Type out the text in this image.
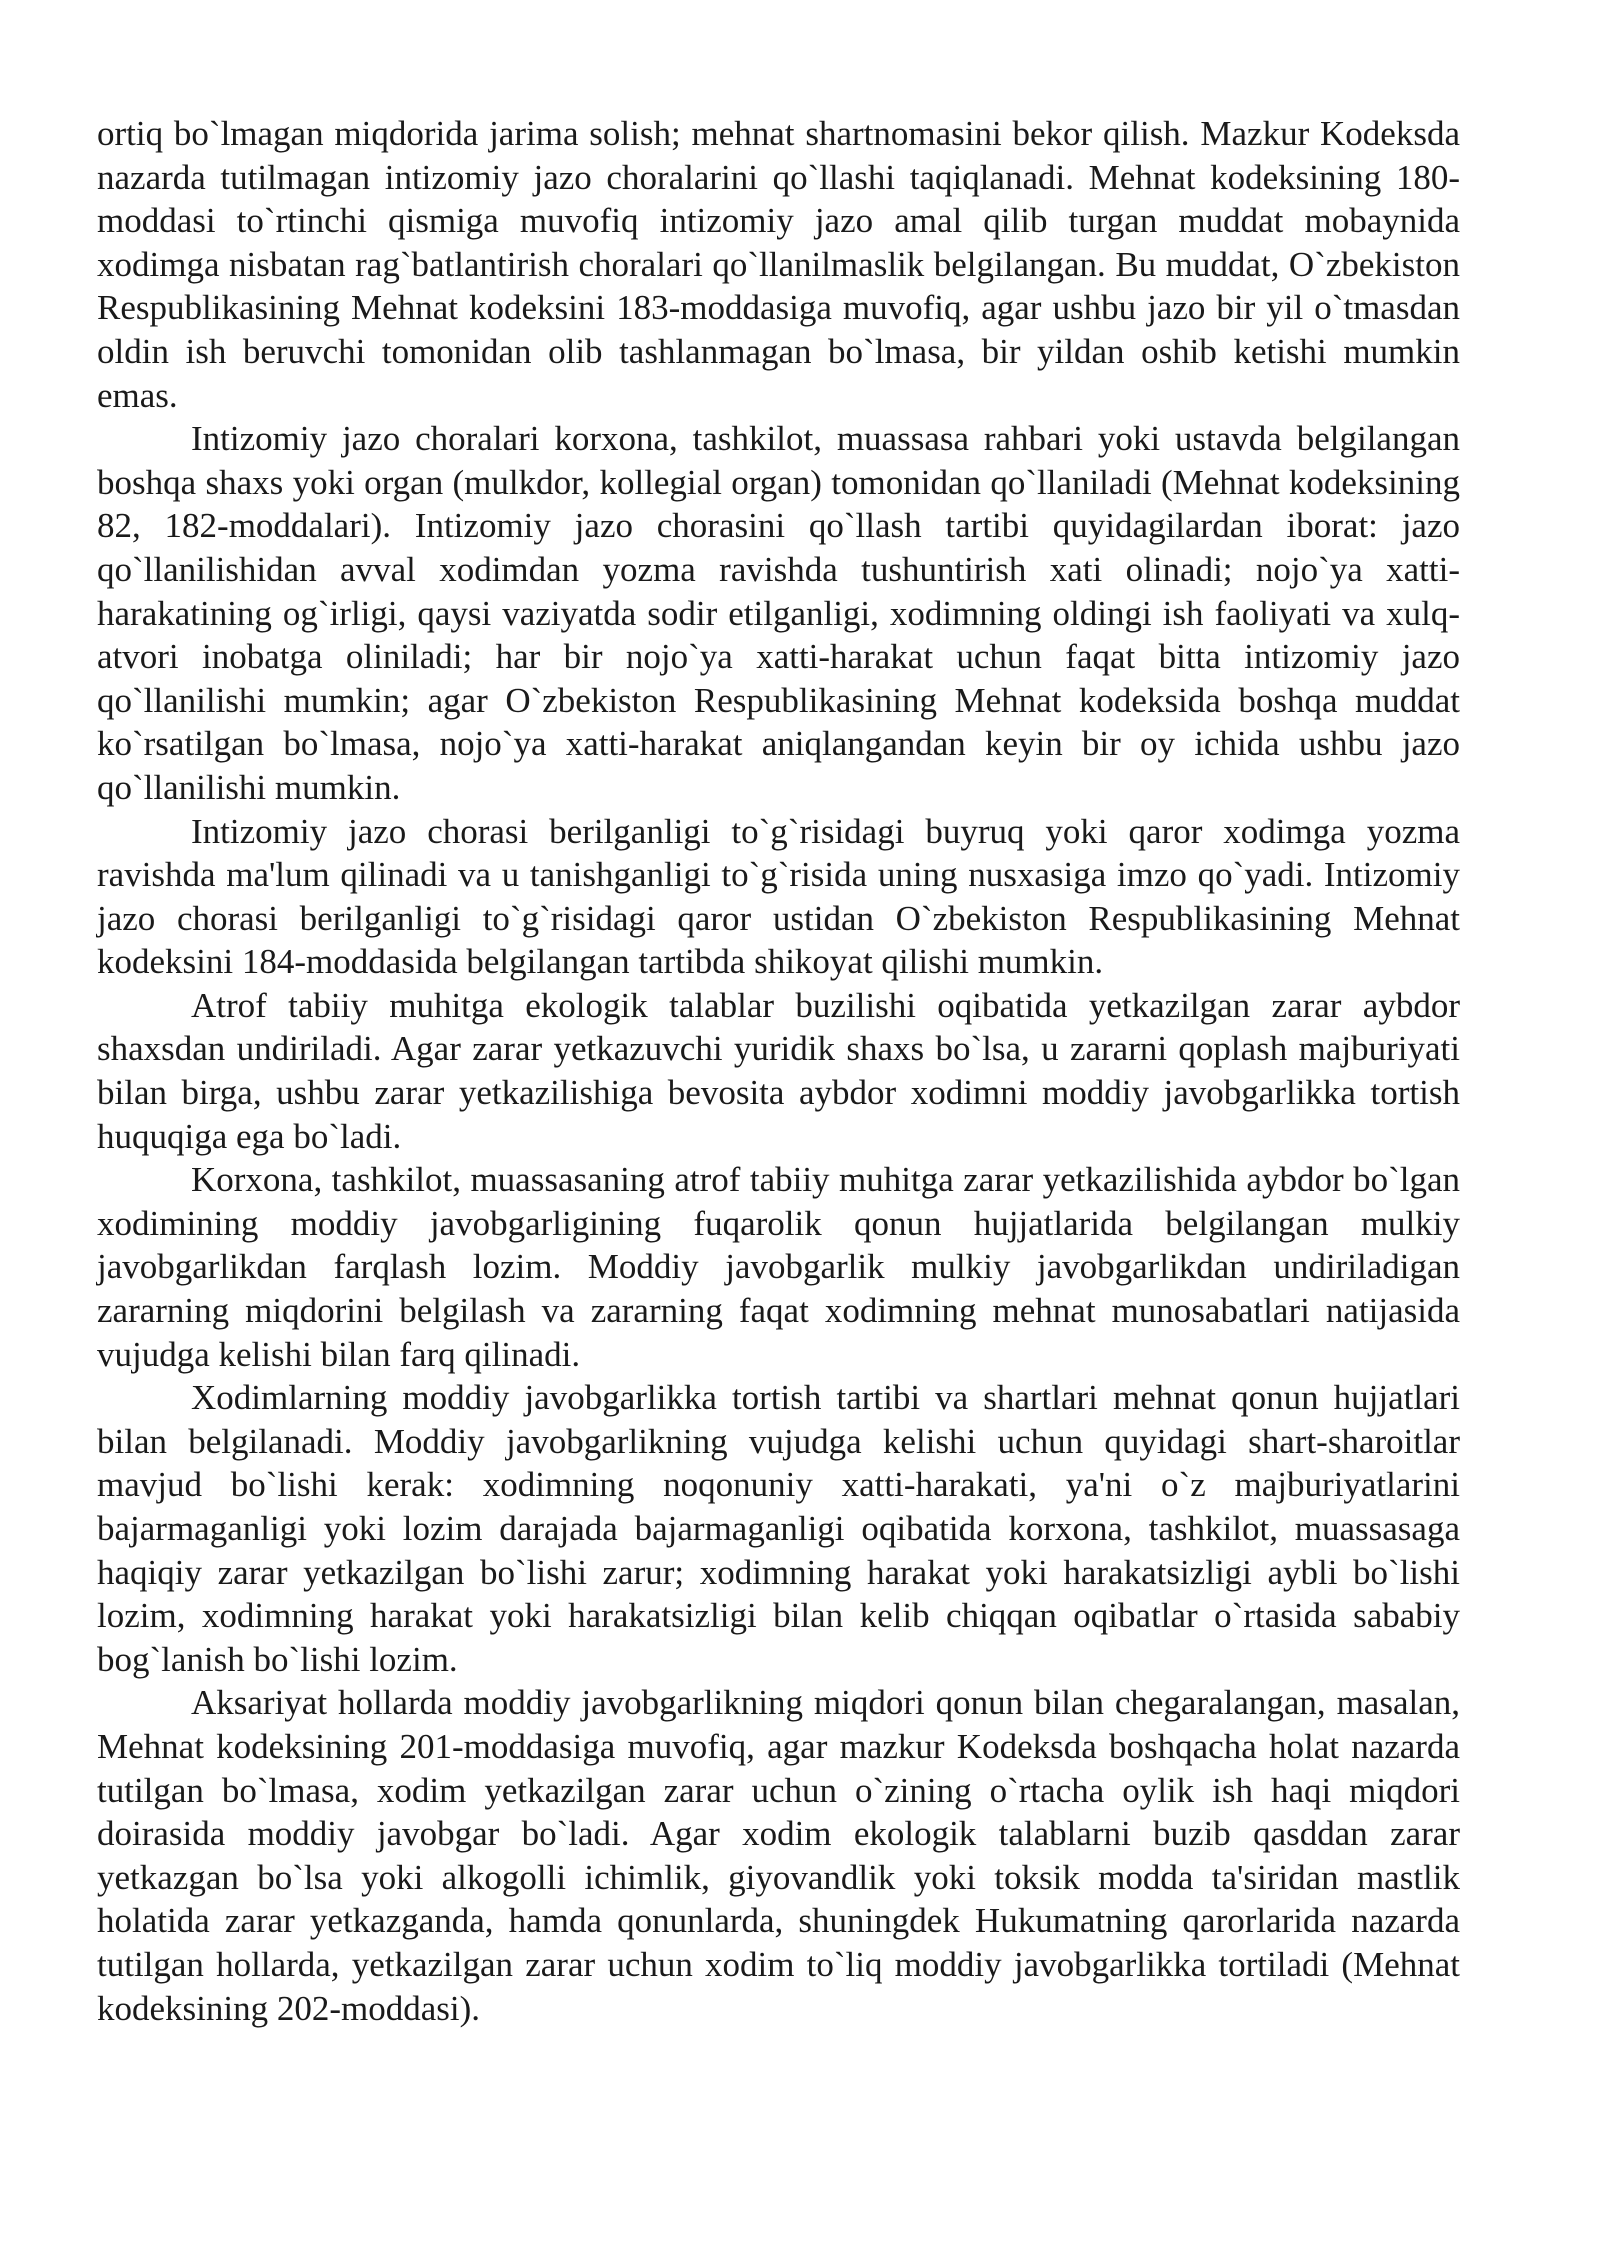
ortiq bo`lmagan miqdorida jarima solish; mehnat shartnomasini bekor qilish. Mazkur Kodeksda nazarda tutilmagan intizomiy jazo choralarini qo`llashi taqiqlanadi. Mehnat kodeksining 180-moddasi to`rtinchi qismiga muvofiq intizomiy jazo amal qilib turgan muddat mobaynida xodimga nisbatan rag`batlantirish choralari qo`llanilmaslik belgilangan. Bu muddat, O`zbekiston Respublikasining Mehnat kodeksini 183-moddasiga muvofiq, agar ushbu jazo bir yil o`tmasdan oldin ish beruvchi tomonidan olib tashlanmagan bo`lmasa, bir yildan oshib ketishi mumkin emas.

Intizomiy jazo choralari korxona, tashkilot, muassasa rahbari yoki ustavda belgilangan boshqa shaxs yoki organ (mulkdor, kollegial organ) tomonidan qo`llaniladi (Mehnat kodeksining 82, 182-moddalari). Intizomiy jazo chorasini qo`llash tartibi quyidagilardan iborat: jazo qo`llanilishidan avval xodimdan yozma ravishda tushuntirish xati olinadi; nojo`ya xatti-harakatining og`irligi, qaysi vaziyatda sodir etilganligi, xodimning oldingi ish faoliyati va xulq-atvori inobatga oliniladi; har bir nojo`ya xatti-harakat uchun faqat bitta intizomiy jazo qo`llanilishi mumkin; agar O`zbekiston Respublikasining Mehnat kodeksida boshqa muddat ko`rsatilgan bo`lmasa, nojo`ya xatti-harakat aniqlangandan keyin bir oy ichida ushbu jazo qo`llanilishi mumkin.

Intizomiy jazo chorasi berilganligi to`g`risidagi buyruq yoki qaror xodimga yozma ravishda ma'lum qilinadi va u tanishganligi to`g`risida uning nusxasiga imzo qo`yadi. Intizomiy jazo chorasi berilganligi to`g`risidagi qaror ustidan O`zbekiston Respublikasining Mehnat kodeksini 184-moddasida belgilangan tartibda shikoyat qilishi mumkin.

Atrof tabiiy muhitga ekologik talablar buzilishi oqibatida yetkazilgan zarar aybdor shaxsdan undiriladi. Agar zarar yetkazuvchi yuridik shaxs bo`lsa, u zararni qoplash majburiyati bilan birga, ushbu zarar yetkazilishiga bevosita aybdor xodimni moddiy javobgarlikka tortish huquqiga ega bo`ladi.

Korxona, tashkilot, muassasaning atrof tabiiy muhitga zarar yetkazilishida aybdor bo`lgan xodimining moddiy javobgarligining fuqarolik qonun hujjatlarida belgilangan mulkiy javobgarlikdan farqlash lozim. Moddiy javobgarlik mulkiy javobgarlikdan undiriladigan zararning miqdorini belgilash va zararning faqat xodimning mehnat munosabatlari natijasida vujudga kelishi bilan farq qilinadi.

Xodimlarning moddiy javobgarlikka tortish tartibi va shartlari mehnat qonun hujjatlari bilan belgilanadi. Moddiy javobgarlikning vujudga kelishi uchun quyidagi shart-sharoitlar mavjud bo`lishi kerak: xodimning noqonuniy xatti-harakati, ya'ni o`z majburiyatlarini bajarmaganligi yoki lozim darajada bajarmaganligi oqibatida korxona, tashkilot, muassasaga haqiqiy zarar yetkazilgan bo`lishi zarur; xodimning harakat yoki harakatsizligi aybli bo`lishi lozim, xodimning harakat yoki harakatsizligi bilan kelib chiqqan oqibatlar o`rtasida sababiy bog`lanish bo`lishi lozim.

Aksariyat hollarda moddiy javobgarlikning miqdori qonun bilan chegaralangan, masalan, Mehnat kodeksining 201-moddasiga muvofiq, agar mazkur Kodeksda boshqacha holat nazarda tutilgan bo`lmasa, xodim yetkazilgan zarar uchun o`zining o`rtacha oylik ish haqi miqdori doirasida moddiy javobgar bo`ladi. Agar xodim ekologik talablarni buzib qasddan zarar yetkazgan bo`lsa yoki alkogolli ichimlik, giyovandlik yoki toksik modda ta'siridan mastlik holatida zarar yetkazganda, hamda qonunlarda, shuningdek Hukumatning qarorlarida nazarda tutilgan hollarda, yetkazilgan zarar uchun xodim to`liq moddiy javobgarlikka tortiladi (Mehnat kodeksining 202-moddasi).
